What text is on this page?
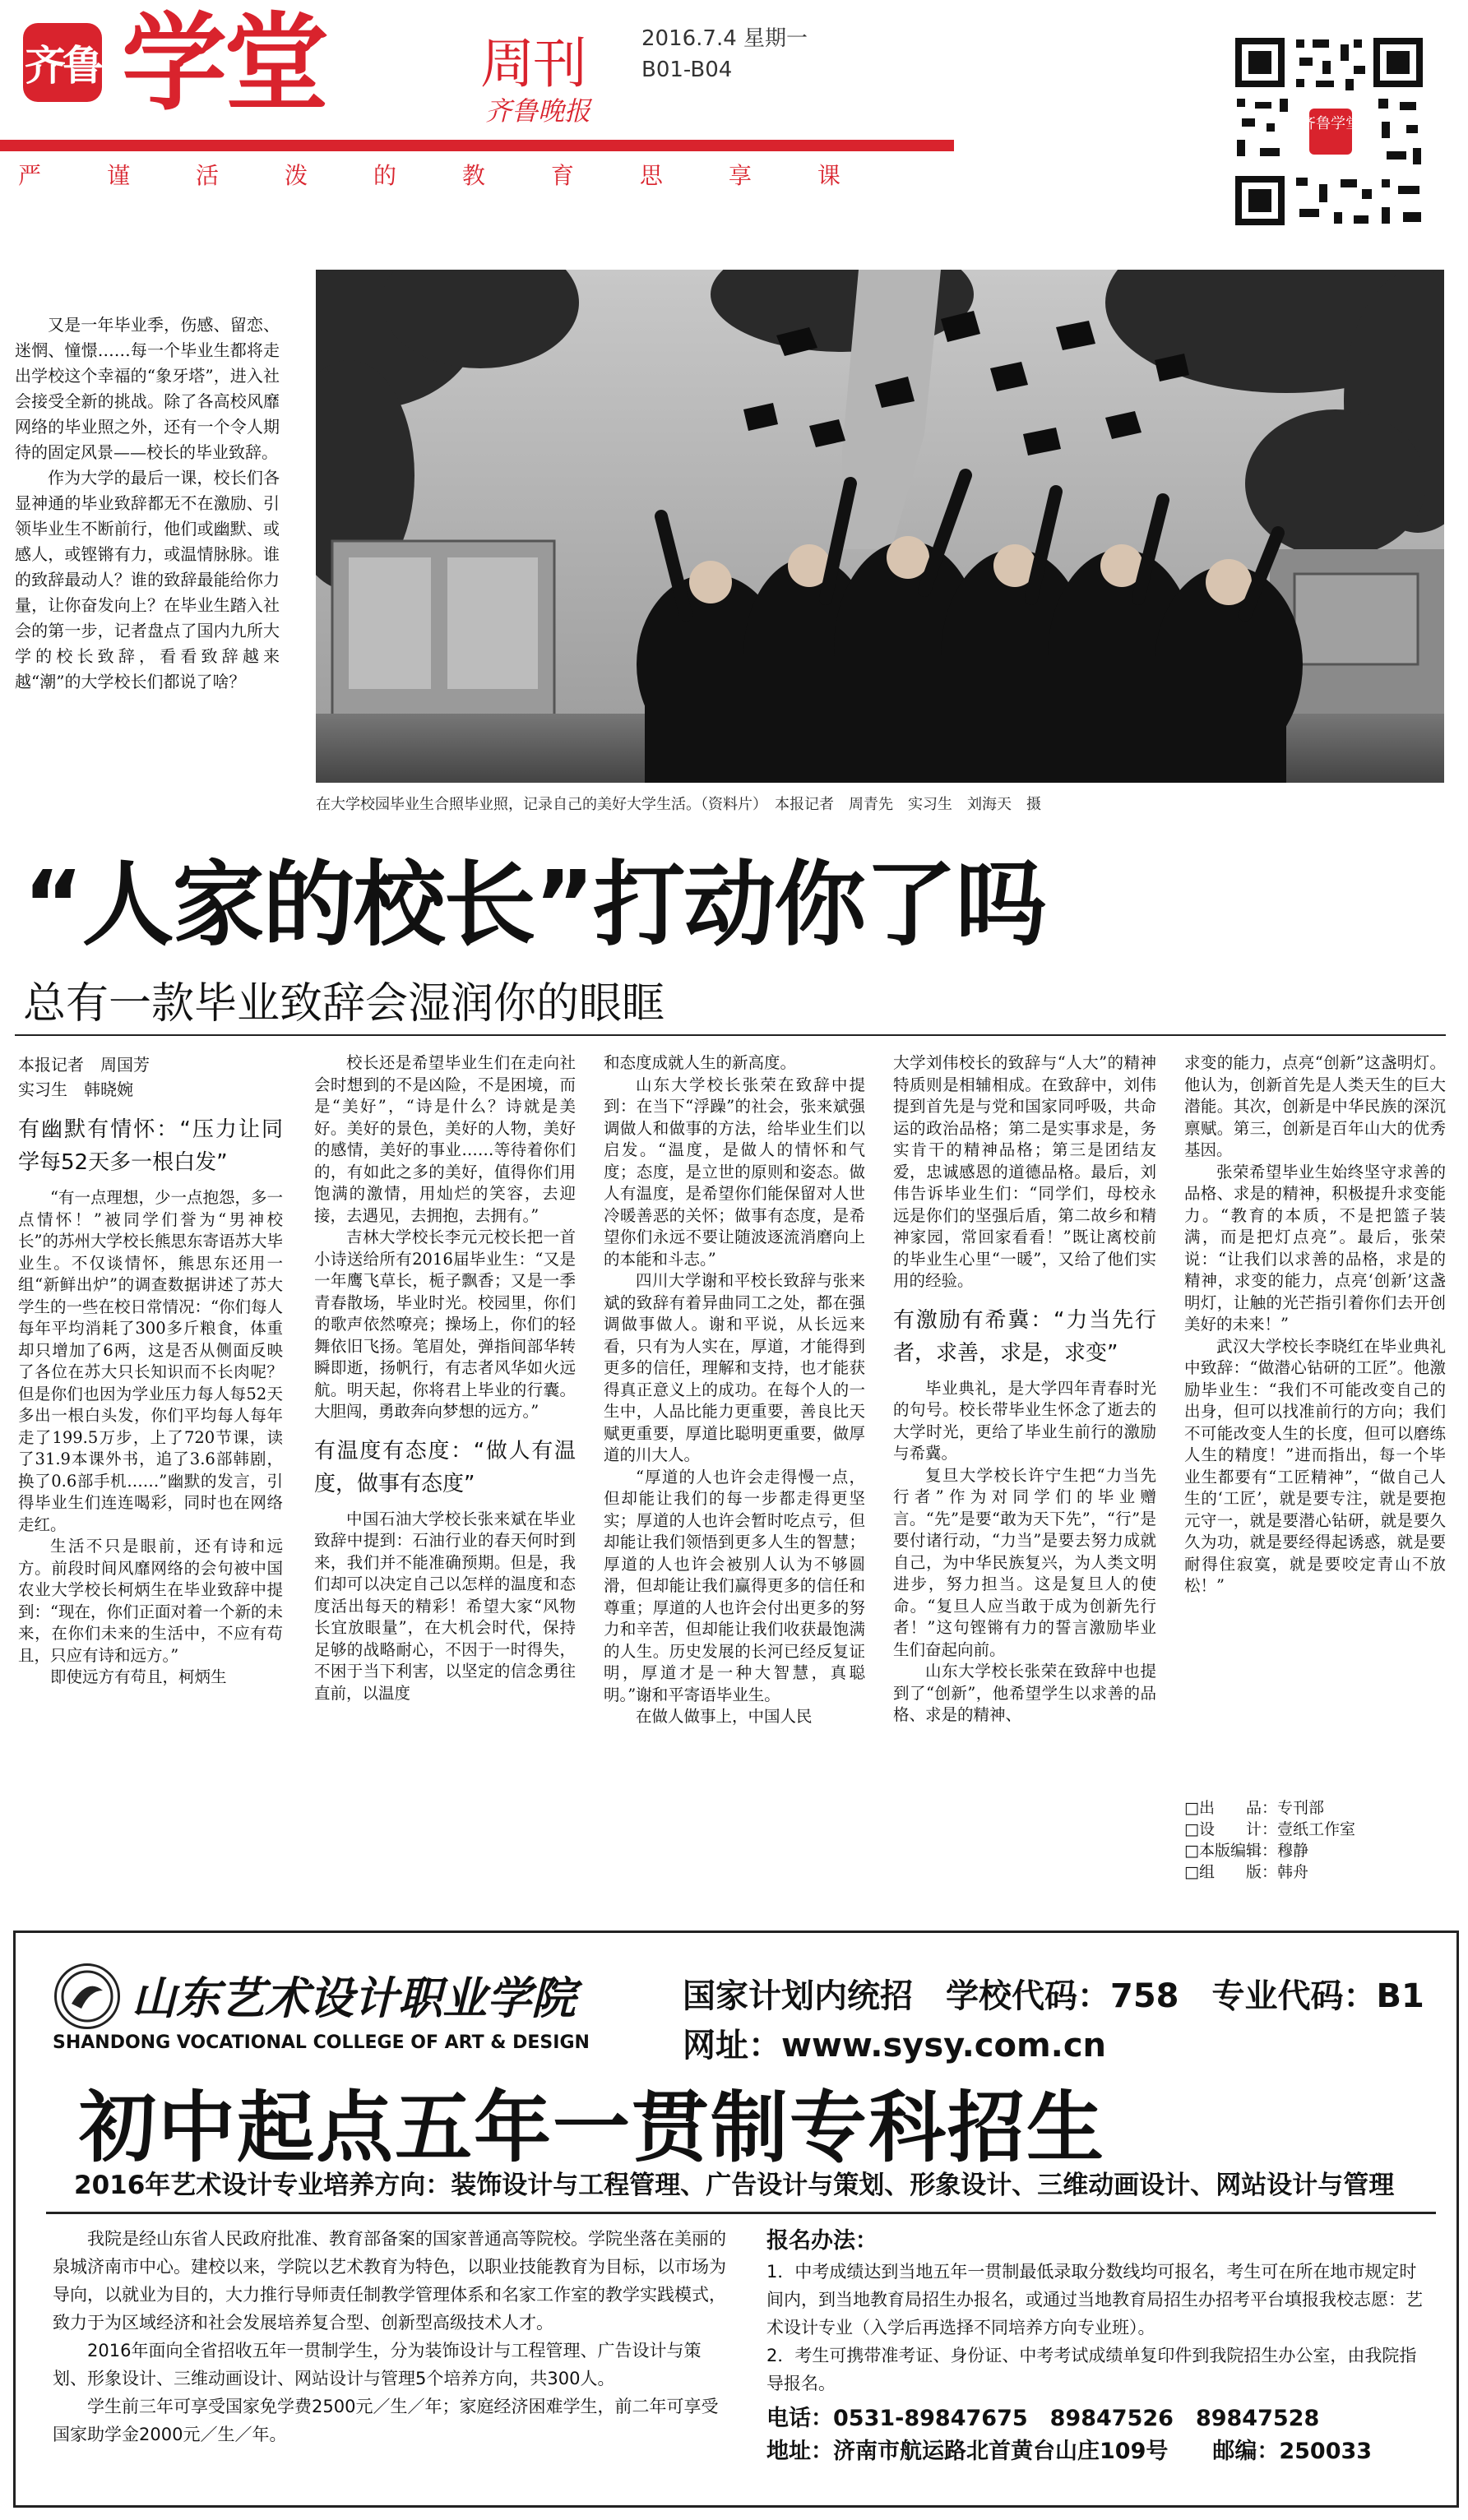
齐鲁 学堂	周刊
齐鲁晚报
2016.7.4 星期一
B01-B04
严	谨	活	泼	的	教	育	思	享	课
齐鲁学堂

又是一年毕业季，伤感、留恋、迷惘、憧憬……每一个毕业生都将走出学校这个幸福的“象牙塔”，进入社会接受全新的挑战。除了各高校风靡网络的毕业照之外，还有一个令人期待的固定风景——校长的毕业致辞。

作为大学的最后一课，校长们各显神通的毕业致辞都无不在激励、引领毕业生不断前行，他们或幽默、或感人，或铿锵有力，或温情脉脉。谁的致辞最动人？谁的致辞最能给你力量，让你奋发向上？在毕业生踏入社会的第一步，记者盘点了国内九所大学的校长致辞，看看致辞越来越“潮”的大学校长们都说了啥？

在大学校园毕业生合照毕业照，记录自己的美好大学生活。（资料片）　本报记者　周青先　实习生　刘海天　摄
“人家的校长”打动你了吗
总有一款毕业致辞会湿润你的眼眶
本报记者　周国芳
实习生　韩晓婉
有幽默有情怀：“压力让同学每52天多一根白发”

“有一点理想，少一点抱怨，多一点情怀！”被同学们誉为“男神校长”的苏州大学校长熊思东寄语苏大毕业生。不仅谈情怀，熊思东还用一组“新鲜出炉”的调查数据讲述了苏大学生的一些在校日常情况：“你们每人每年平均消耗了300多斤粮食，体重却只增加了6两，这是否从侧面反映了各位在苏大只长知识而不长肉呢？但是你们也因为学业压力每人每52天多出一根白头发，你们平均每人每年走了199.5万步，上了720节课，读了31.9本课外书，追了3.6部韩剧，换了0.6部手机……”幽默的发言，引得毕业生们连连喝彩，同时也在网络走红。

生活不只是眼前，还有诗和远方。前段时间风靡网络的会句被中国农业大学校长柯炳生在毕业致辞中提到：“现在，你们正面对着一个新的未来，在你们未来的生活中，不应有苟且，只应有诗和远方。”

即使远方有苟且，柯炳生

校长还是希望毕业生们在走向社会时想到的不是凶险，不是困境，而是“美好”，“诗是什么？诗就是美好。美好的景色，美好的人物，美好的感情，美好的事业……等待着你们的，有如此之多的美好，值得你们用饱满的激情，用灿烂的笑容，去迎接，去遇见，去拥抱，去拥有。”

吉林大学校长李元元校长把一首小诗送给所有2016届毕业生：“又是一年鹰飞草长，栀子飘香；又是一季青春散场，毕业时光。校园里，你们的歌声依然嘹亮；操场上，你们的轻舞依旧飞扬。笔眉处，弹指间部华转瞬即逝，扬帆行，有志者风华如火远航。明天起，你将君上毕业的行囊。大胆闯，勇敢奔向梦想的远方。”

有温度有态度：“做人有温度，做事有态度”

中国石油大学校长张来斌在毕业致辞中提到：石油行业的春天何时到来，我们并不能准确预期。但是，我们却可以决定自己以怎样的温度和态度活出每天的精彩！希望大家“风物长宜放眼量”，在大机会时代，保持足够的战略耐心，不因于一时得失，不困于当下利害，以坚定的信念勇往直前，以温度

和态度成就人生的新高度。

山东大学校长张荣在致辞中提到：在当下“浮躁”的社会，张来斌强调做人和做事的方法，给毕业生们以启发。“温度，是做人的情怀和气度；态度，是立世的原则和姿态。做人有温度，是希望你们能保留对人世冷暖善恶的关怀；做事有态度，是希望你们永远不要让随波逐流消磨向上的本能和斗志。”

四川大学谢和平校长致辞与张来斌的致辞有着异曲同工之处，都在强调做事做人。谢和平说，从长远来看，只有为人实在，厚道，才能得到更多的信任，理解和支持，也才能获得真正意义上的成功。在每个人的一生中，人品比能力更重要，善良比天赋更重要，厚道比聪明更重要，做厚道的川大人。

“厚道的人也许会走得慢一点，但却能让我们的每一步都走得更坚实；厚道的人也许会暂时吃点亏，但却能让我们领悟到更多人生的智慧；厚道的人也许会被别人认为不够圆滑，但却能让我们赢得更多的信任和尊重；厚道的人也许会付出更多的努力和辛苦，但却能让我们收获最饱满的人生。历史发展的长河已经反复证明，厚道才是一种大智慧，真聪明。”谢和平寄语毕业生。

在做人做事上，中国人民

大学刘伟校长的致辞与“人大”的精神特质则是相辅相成。在致辞中，刘伟提到首先是与党和国家同呼吸，共命运的政治品格；第二是实事求是，务实肯干的精神品格；第三是团结友爱，忠诚感恩的道德品格。最后，刘伟告诉毕业生们：“同学们，母校永远是你们的坚强后盾，第二故乡和精神家园，常回家看看！”既让离校前的毕业生心里“一暖”，又给了他们实用的经验。

有激励有希冀：“力当先行者，求善，求是，求变”

毕业典礼，是大学四年青春时光的句号。校长带毕业生怀念了逝去的大学时光，更给了毕业生前行的激励与希冀。

复旦大学校长许宁生把“力当先行者”作为对同学们的毕业赠言。“先”是要“敢为天下先”，“行”是要付诸行动，“力当”是要去努力成就自己，为中华民族复兴，为人类文明进步，努力担当。这是复旦人的使命。“复旦人应当敢于成为创新先行者！”这句铿锵有力的誓言激励毕业生们奋起向前。

山东大学校长张荣在致辞中也提到了“创新”，他希望学生以求善的品格、求是的精神、

求变的能力，点亮“创新”这盏明灯。他认为，创新首先是人类天生的巨大潜能。其次，创新是中华民族的深沉禀赋。第三，创新是百年山大的优秀基因。

张荣希望毕业生始终坚守求善的品格、求是的精神，积极提升求变能力。“教育的本质，不是把篮子装满，而是把灯点亮”。最后，张荣说：“让我们以求善的品格，求是的精神，求变的能力，点亮‘创新’这盏明灯，让触的光芒指引着你们去开创美好的未来！”

武汉大学校长李晓红在毕业典礼中致辞：“做潜心钻研的工匠”。他激励毕业生：“我们不可能改变自己的出身，但可以找准前行的方向；我们不可能改变人生的长度，但可以磨练人生的精度！”进而指出，每一个毕业生都要有“工匠精神”，“做自己人生的‘工匠’，就是要专注，就是要抱元守一，就是要潜心钻研，就是要久久为功，就是要经得起诱惑，就是要耐得住寂寞，就是要咬定青山不放松！”

□出　　品：专刊部
□设　　计：壹纸工作室
□本版编辑：穆静
□组　　版：韩舟
山东艺术设计职业学院
SHANDONG VOCATIONAL COLLEGE OF ART & DESIGN
国家计划内统招　学校代码：758　专业代码：B1
网址：www.sysy.com.cn
初中起点五年一贯制专科招生
2016年艺术设计专业培养方向：装饰设计与工程管理、广告设计与策划、形象设计、三维动画设计、网站设计与管理

我院是经山东省人民政府批准、教育部备案的国家普通高等院校。学院坐落在美丽的泉城济南市中心。建校以来，学院以艺术教育为特色，以职业技能教育为目标，以市场为导向，以就业为目的，大力推行导师责任制教学管理体系和名家工作室的教学实践模式，致力于为区域经济和社会发展培养复合型、创新型高级技术人才。

2016年面向全省招收五年一贯制学生，分为装饰设计与工程管理、广告设计与策划、形象设计、三维动画设计、网站设计与管理5个培养方向，共300人。

学生前三年可享受国家免学费2500元／生／年；家庭经济困难学生，前二年可享受国家助学金2000元／生／年。

报名办法：

1．中考成绩达到当地五年一贯制最低录取分数线均可报名，考生可在所在地市规定时间内，到当地教育局招生办报名，或通过当地教育局招生办招考平台填报我校志愿：艺术设计专业（入学后再选择不同培养方向专业班）。

2．考生可携带准考证、身份证、中考考试成绩单复印件到我院招生办公室，由我院指导报名。

电话：0531-89847675　89847526　89847528

地址：济南市航运路北首黄台山庄109号　　邮编：250033
